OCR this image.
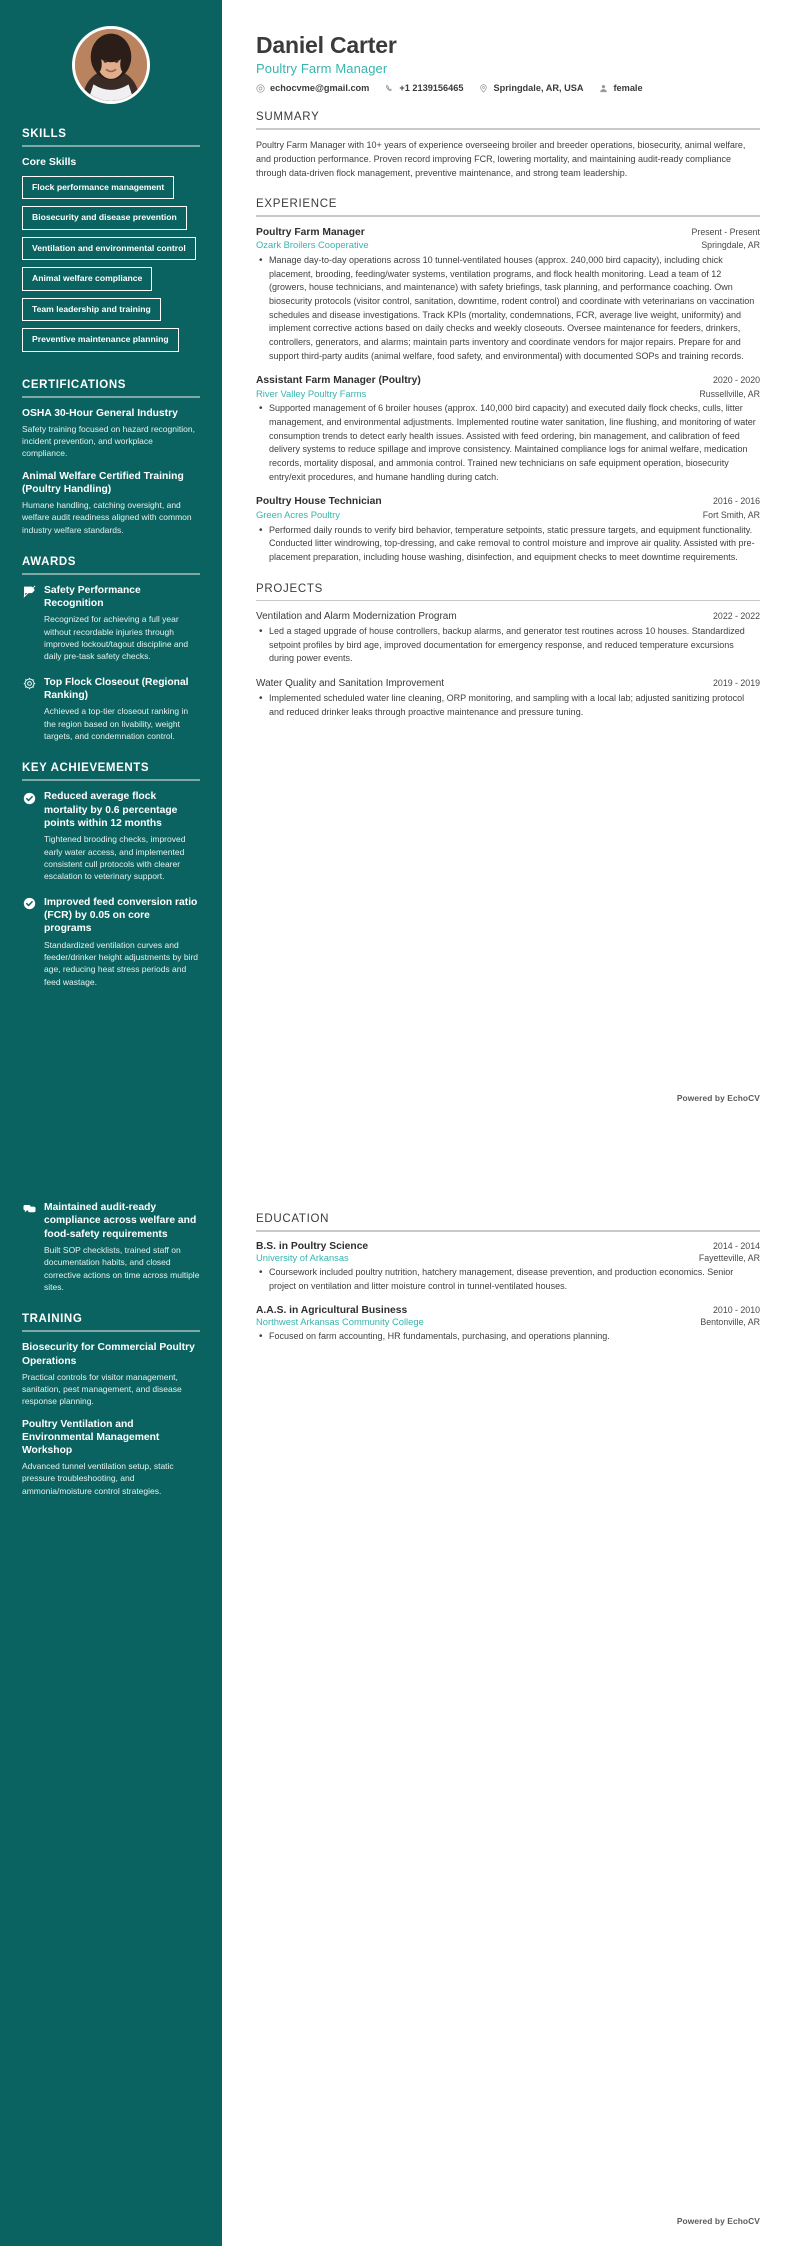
SKILLS
Core Skills
Flock performance management
Biosecurity and disease prevention
Ventilation and environmental control
Animal welfare compliance
Team leadership and training
Preventive maintenance planning
CERTIFICATIONS
OSHA 30-Hour General Industry
Safety training focused on hazard recognition, incident prevention, and workplace compliance.
Animal Welfare Certified Training (Poultry Handling)
Humane handling, catching oversight, and welfare audit readiness aligned with common industry welfare standards.
AWARDS
Safety Performance Recognition
Recognized for achieving a full year without recordable injuries through improved lockout/tagout discipline and daily pre-task safety checks.
Top Flock Closeout (Regional Ranking)
Achieved a top-tier closeout ranking in the region based on livability, weight targets, and condemnation control.
KEY ACHIEVEMENTS
Reduced average flock mortality by 0.6 percentage points within 12 months
Tightened brooding checks, improved early water access, and implemented consistent cull protocols with clearer escalation to veterinary support.
Improved feed conversion ratio (FCR) by 0.05 on core programs
Standardized ventilation curves and feeder/drinker height adjustments by bird age, reducing heat stress periods and feed wastage.
Daniel Carter
Poultry Farm Manager
echocvme@gmail.com	+1 2139156465	Springdale, AR, USA	female
SUMMARY
Poultry Farm Manager with 10+ years of experience overseeing broiler and breeder operations, biosecurity, animal welfare, and production performance. Proven record improving FCR, lowering mortality, and maintaining audit-ready compliance through data-driven flock management, preventive maintenance, and strong team leadership.
EXPERIENCE
Poultry Farm Manager	Present - Present
Ozark Broilers Cooperative	Springdale, AR
• Manage day-to-day operations across 10 tunnel-ventilated houses (approx. 240,000 bird capacity), including chick placement, brooding, feeding/water systems, ventilation programs, and flock health monitoring. Lead a team of 12 (growers, house technicians, and maintenance) with safety briefings, task planning, and performance coaching. Own biosecurity protocols (visitor control, sanitation, downtime, rodent control) and coordinate with veterinarians on vaccination schedules and disease investigations. Track KPIs (mortality, condemnations, FCR, average live weight, uniformity) and implement corrective actions based on daily checks and weekly closeouts. Oversee maintenance for feeders, drinkers, controllers, generators, and alarms; maintain parts inventory and coordinate vendors for major repairs. Prepare for and support third-party audits (animal welfare, food safety, and environmental) with documented SOPs and training records.
Assistant Farm Manager (Poultry)	2020 - 2020
River Valley Poultry Farms	Russellville, AR
• Supported management of 6 broiler houses (approx. 140,000 bird capacity) and executed daily flock checks, culls, litter management, and environmental adjustments. Implemented routine water sanitation, line flushing, and monitoring of water consumption trends to detect early health issues. Assisted with feed ordering, bin management, and calibration of feed delivery systems to reduce spillage and improve consistency. Maintained compliance logs for animal welfare, medication records, mortality disposal, and ammonia control. Trained new technicians on safe equipment operation, biosecurity entry/exit procedures, and humane handling during catch.
Poultry House Technician	2016 - 2016
Green Acres Poultry	Fort Smith, AR
• Performed daily rounds to verify bird behavior, temperature setpoints, static pressure targets, and equipment functionality. Conducted litter windrowing, top-dressing, and cake removal to control moisture and improve air quality. Assisted with pre-placement preparation, including house washing, disinfection, and equipment checks to meet downtime requirements.
PROJECTS
Ventilation and Alarm Modernization Program	2022 - 2022
• Led a staged upgrade of house controllers, backup alarms, and generator test routines across 10 houses. Standardized setpoint profiles by bird age, improved documentation for emergency response, and reduced temperature excursions during power events.
Water Quality and Sanitation Improvement	2019 - 2019
• Implemented scheduled water line cleaning, ORP monitoring, and sampling with a local lab; adjusted sanitizing protocol and reduced drinker leaks through proactive maintenance and pressure tuning.
Powered by EchoCV
Maintained audit-ready compliance across welfare and food-safety requirements
Built SOP checklists, trained staff on documentation habits, and closed corrective actions on time across multiple sites.
TRAINING
Biosecurity for Commercial Poultry Operations
Practical controls for visitor management, sanitation, pest management, and disease response planning.
Poultry Ventilation and Environmental Management Workshop
Advanced tunnel ventilation setup, static pressure troubleshooting, and ammonia/moisture control strategies.
EDUCATION
B.S. in Poultry Science	2014 - 2014
University of Arkansas	Fayetteville, AR
• Coursework included poultry nutrition, hatchery management, disease prevention, and production economics. Senior project on ventilation and litter moisture control in tunnel-ventilated houses.
A.A.S. in Agricultural Business	2010 - 2010
Northwest Arkansas Community College	Bentonville, AR
• Focused on farm accounting, HR fundamentals, purchasing, and operations planning.
Powered by EchoCV
